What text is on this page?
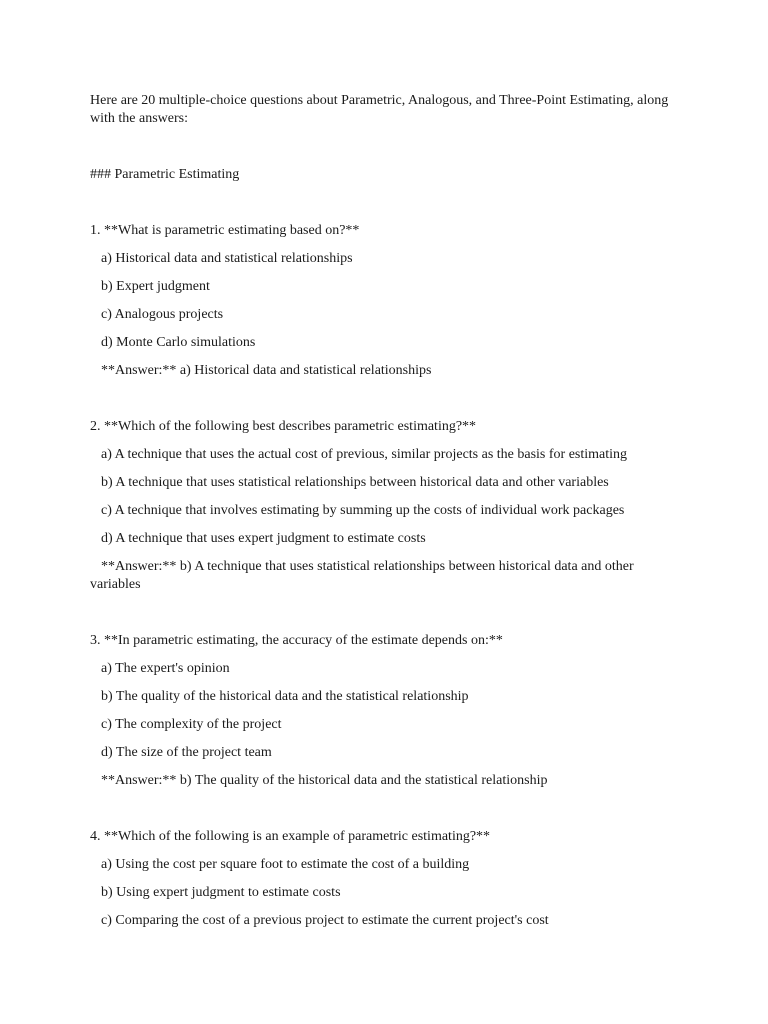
Here are 20 multiple-choice questions about Parametric, Analogous, and Three-Point Estimating, along with the answers:
### Parametric Estimating
1. **What is parametric estimating based on?**
a) Historical data and statistical relationships
b) Expert judgment
c) Analogous projects
d) Monte Carlo simulations
**Answer:** a) Historical data and statistical relationships
2. **Which of the following best describes parametric estimating?**
a) A technique that uses the actual cost of previous, similar projects as the basis for estimating
b) A technique that uses statistical relationships between historical data and other variables
c) A technique that involves estimating by summing up the costs of individual work packages
d) A technique that uses expert judgment to estimate costs
**Answer:** b) A technique that uses statistical relationships between historical data and other
variables
3. **In parametric estimating, the accuracy of the estimate depends on:**
a) The expert's opinion
b) The quality of the historical data and the statistical relationship
c) The complexity of the project
d) The size of the project team
**Answer:** b) The quality of the historical data and the statistical relationship
4. **Which of the following is an example of parametric estimating?**
a) Using the cost per square foot to estimate the cost of a building
b) Using expert judgment to estimate costs
c) Comparing the cost of a previous project to estimate the current project's cost
